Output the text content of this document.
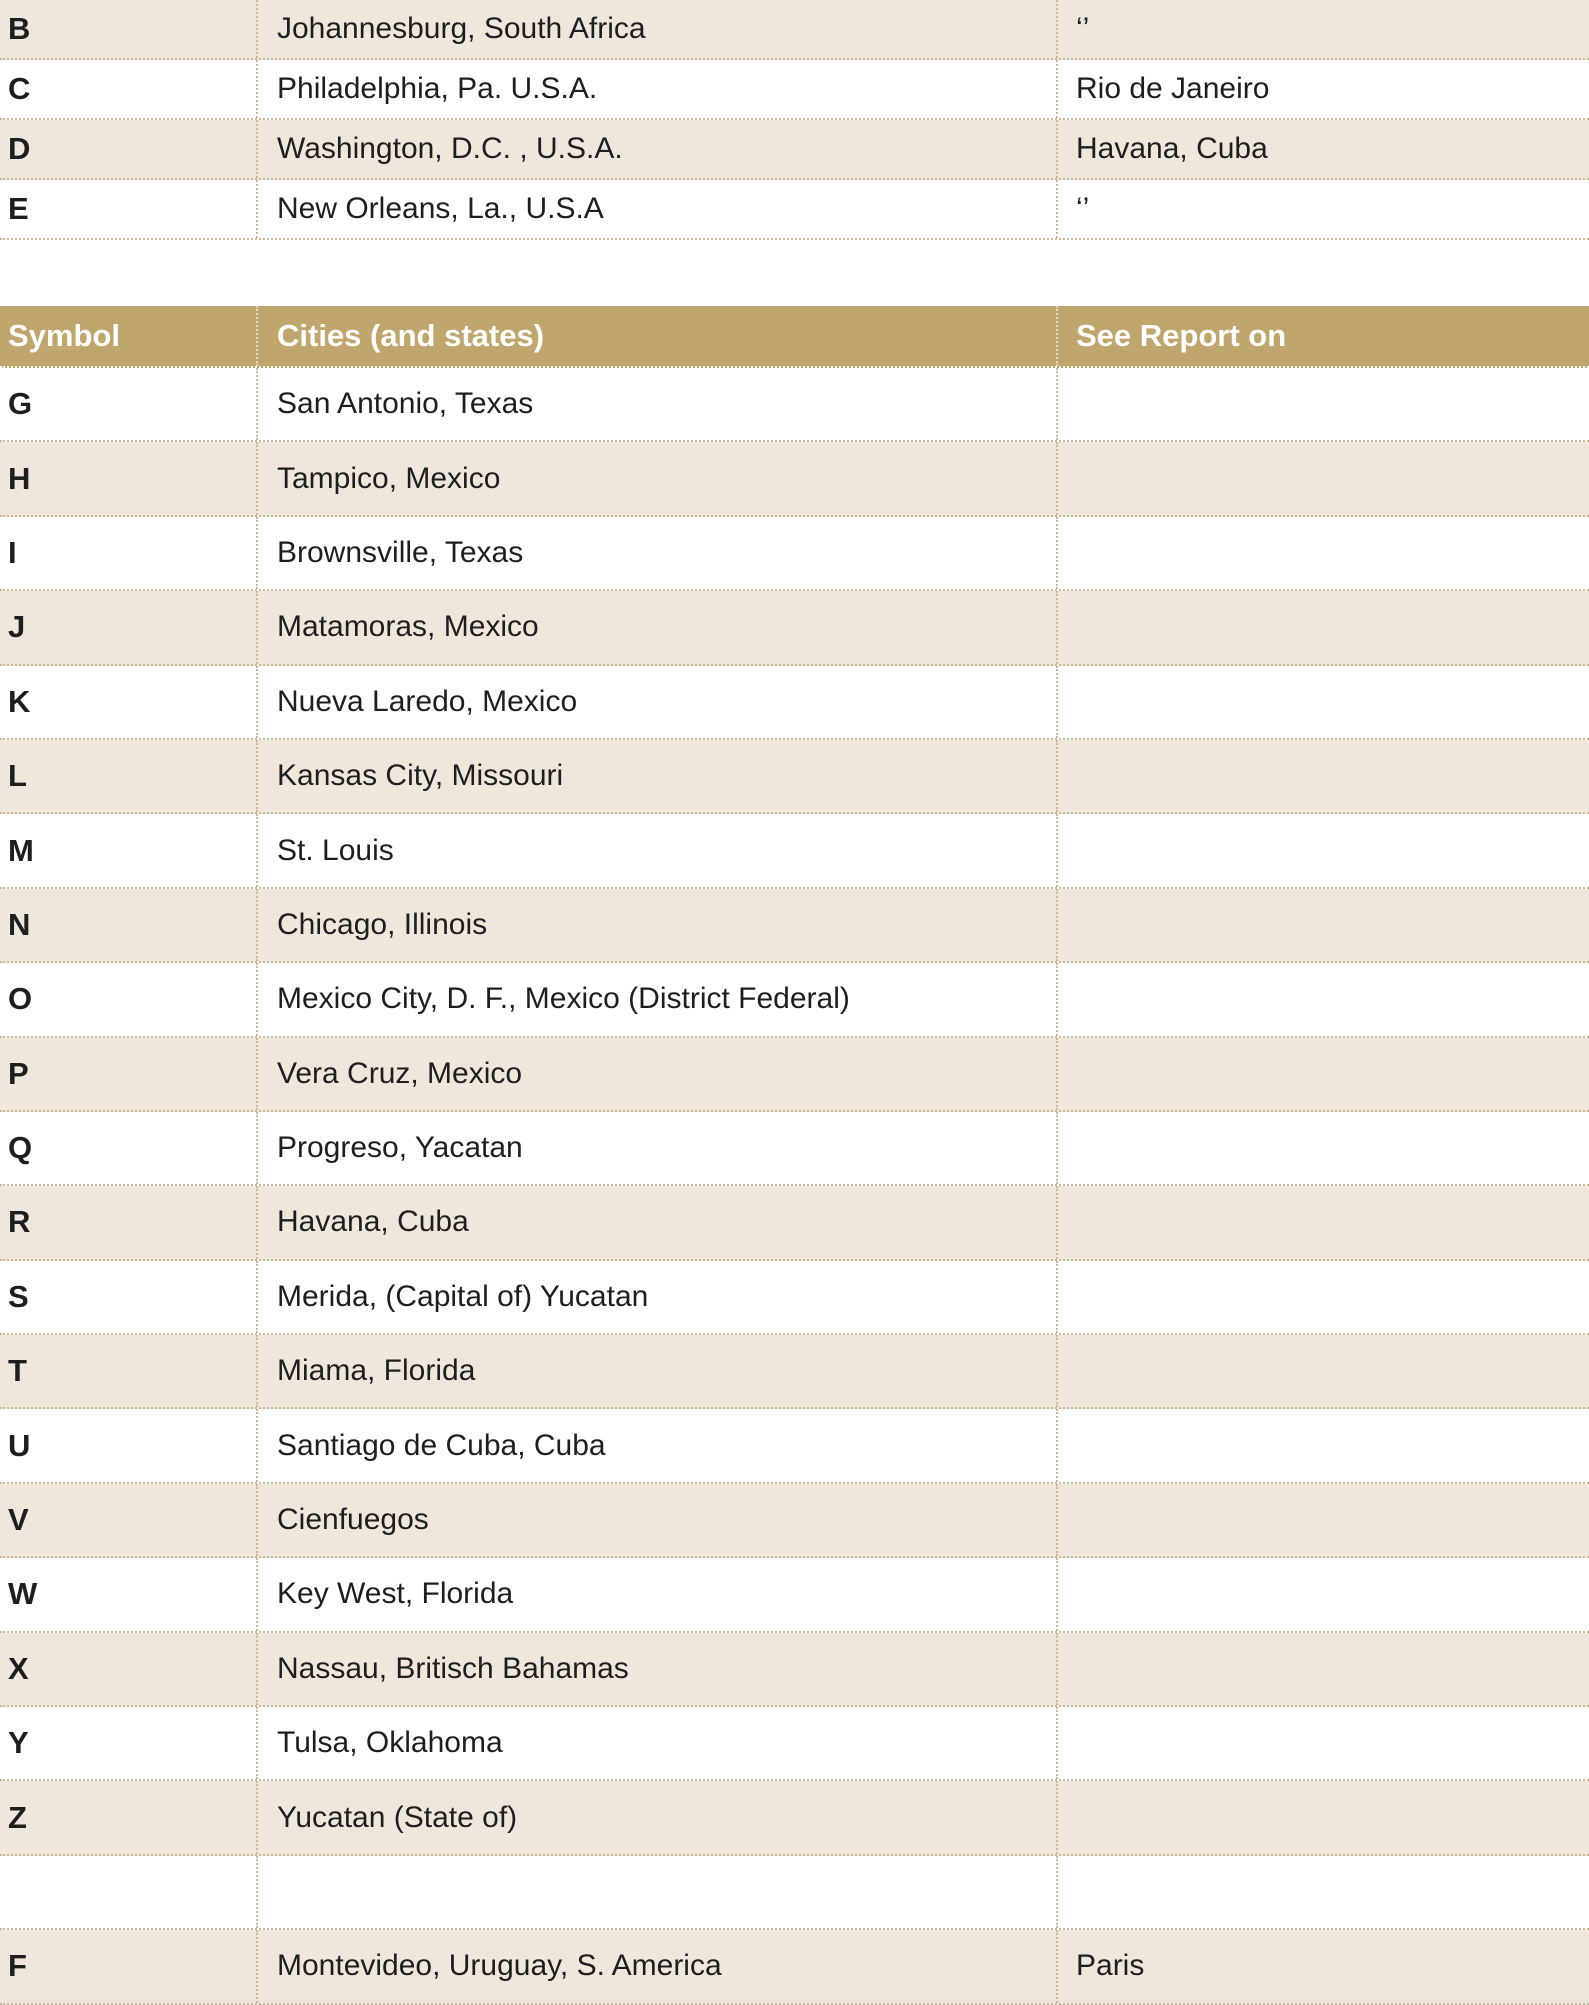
B	Johannesburg, South Africa	‘’
C	Philadelphia, Pa. U.S.A.	Rio de Janeiro
D	Washington, D.C. , U.S.A.	Havana, Cuba
E	New Orleans, La., U.S.A	‘’
Symbol	Cities (and states)	See Report on
G	San Antonio, Texas
H	Tampico, Mexico
I	Brownsville, Texas
J	Matamoras, Mexico
K	Nueva Laredo, Mexico
L	Kansas City, Missouri
M	St. Louis
N	Chicago, Illinois
O	Mexico City, D. F., Mexico (District Federal)
P	Vera Cruz, Mexico
Q	Progreso, Yacatan
R	Havana, Cuba
S	Merida, (Capital of) Yucatan
T	Miama, Florida
U	Santiago de Cuba, Cuba
V	Cienfuegos
W	Key West, Florida
X	Nassau, Britisch Bahamas
Y	Tulsa, Oklahoma
Z	Yucatan (State of)
F	Montevideo, Uruguay, S. America	Paris
